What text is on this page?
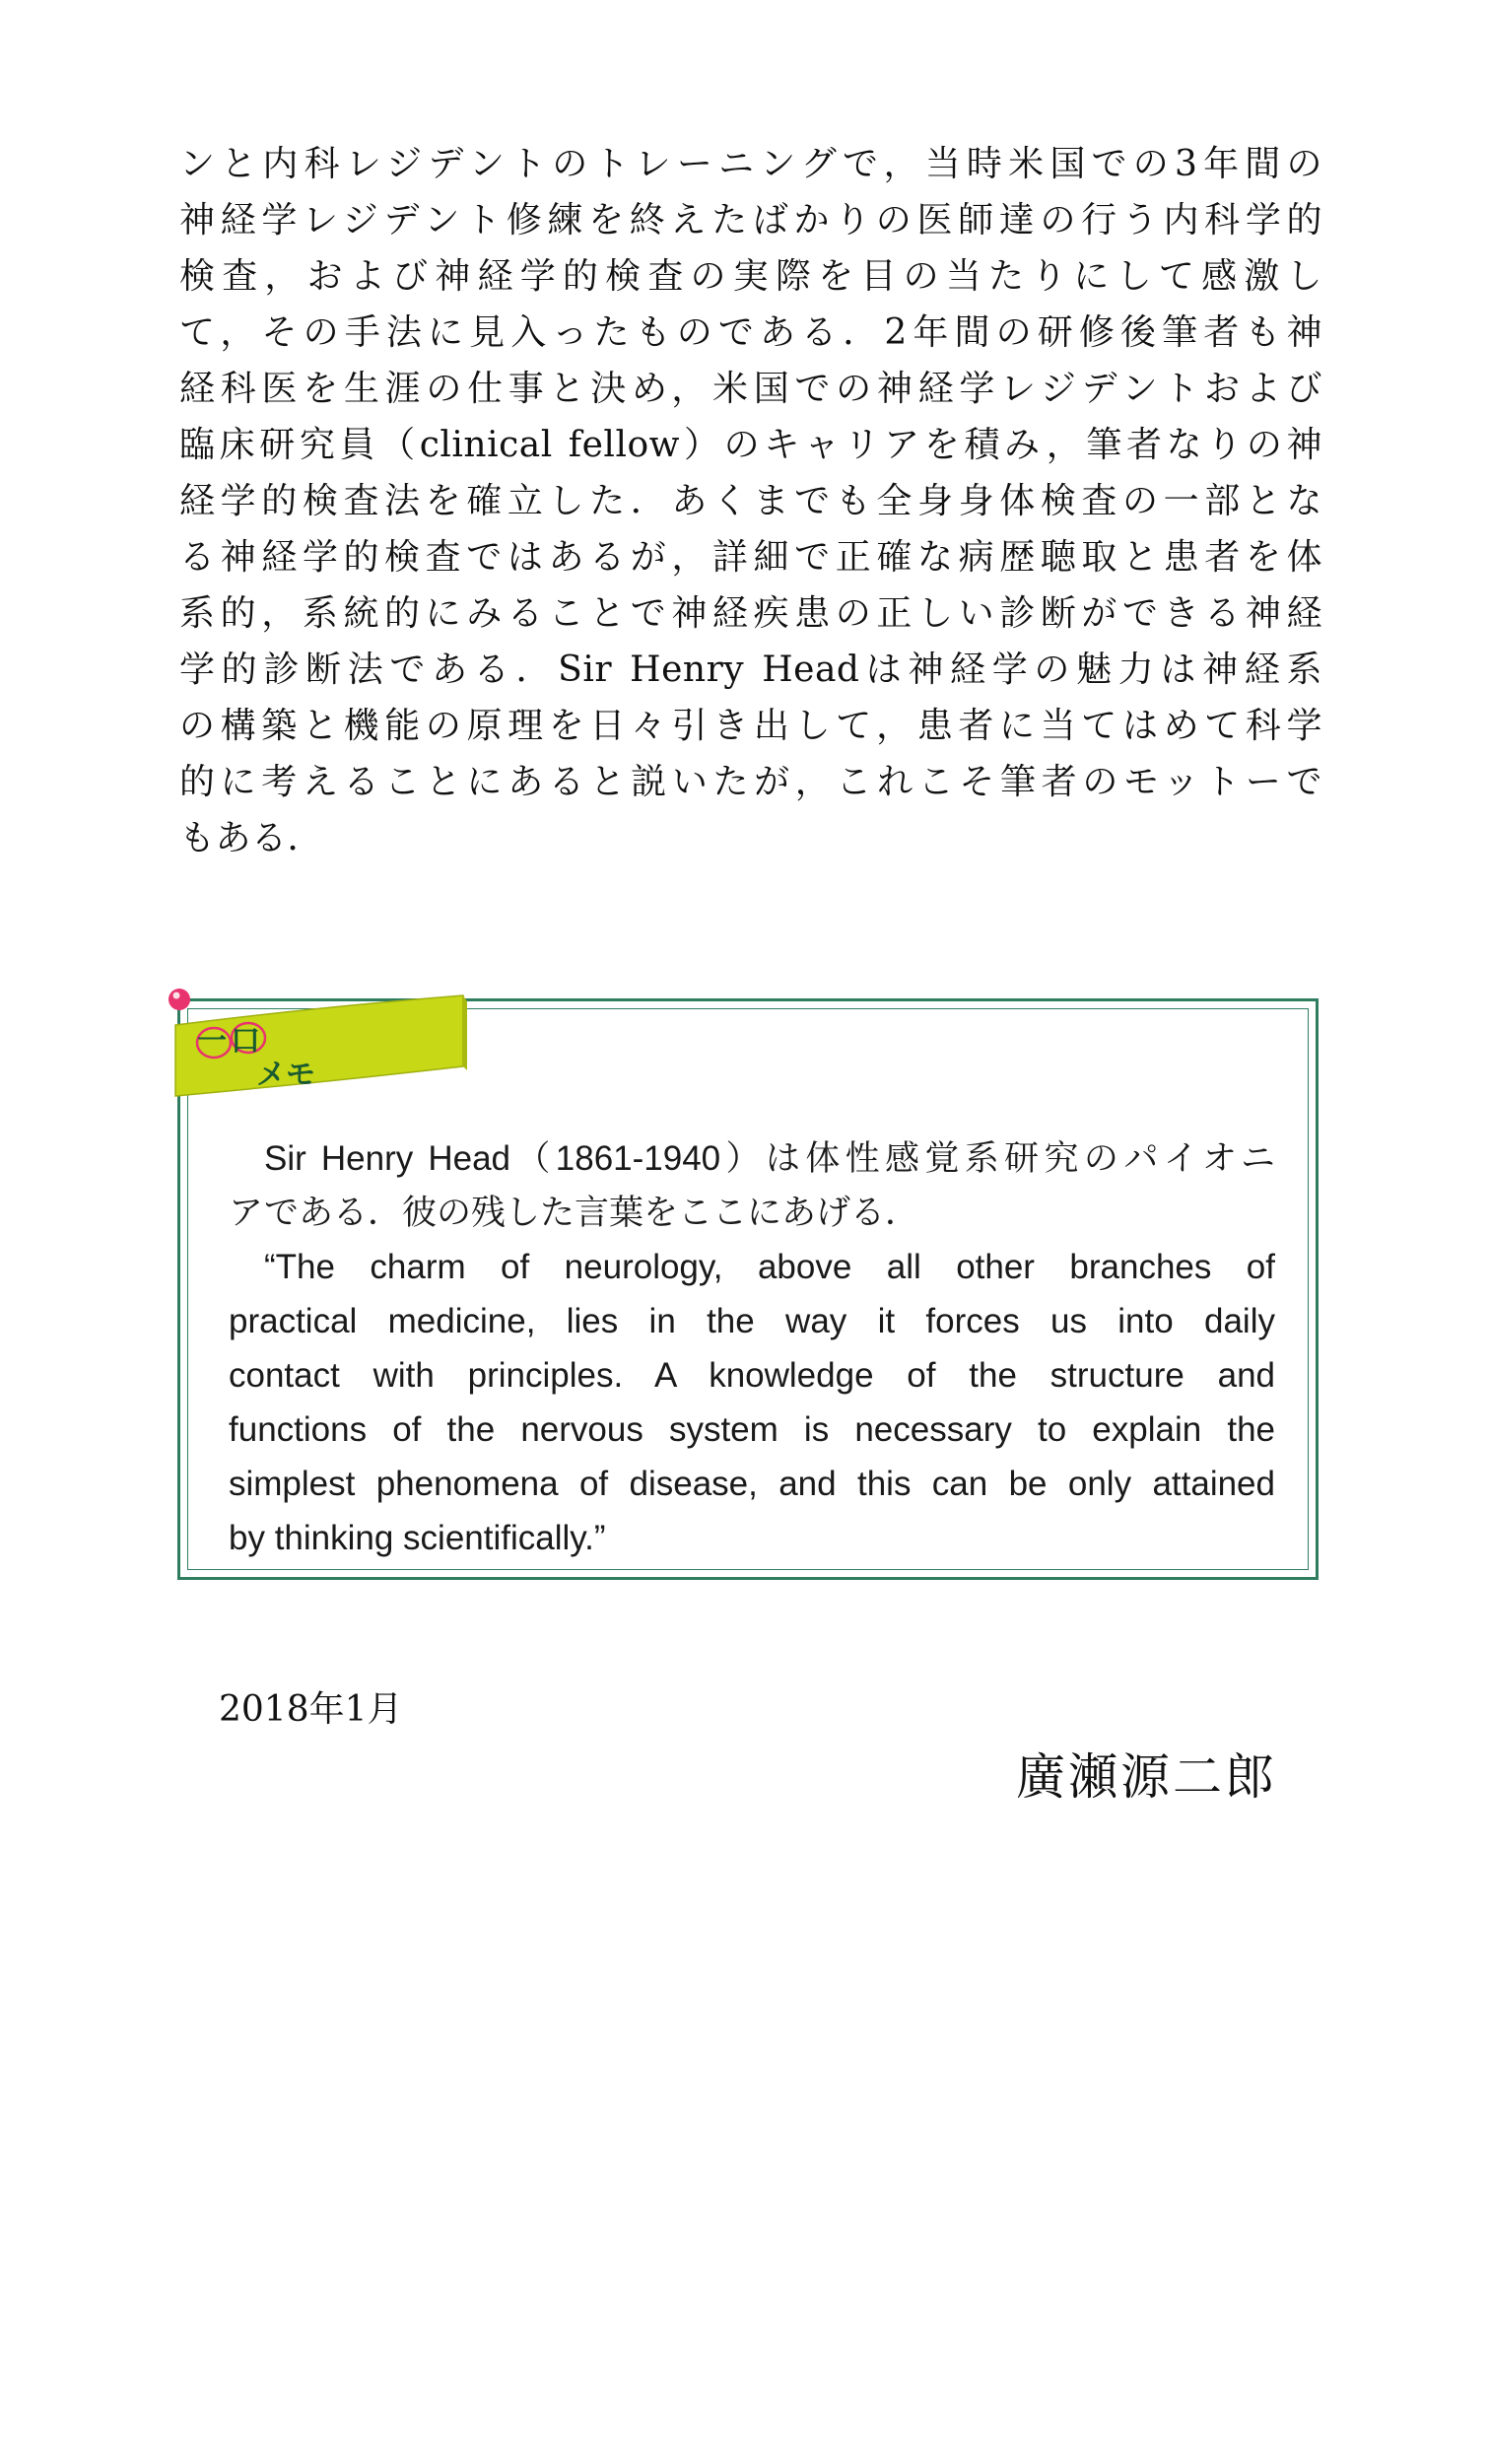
ンと内科レジデントのトレーニングで，当時米国での3年間の
神経学レジデント修練を終えたばかりの医師達の行う内科学的
検査，および神経学的検査の実際を目の当たりにして感激し
て，その手法に見入ったものである．2年間の研修後筆者も神
経科医を生涯の仕事と決め，米国での神経学レジデントおよび
臨床研究員（clinical fellow）のキャリアを積み，筆者なりの神
経学的検査法を確立した．あくまでも全身身体検査の一部とな
る神経学的検査ではあるが，詳細で正確な病歴聴取と患者を体
系的，系統的にみることで神経疾患の正しい診断ができる神経
学的診断法である．Sir Henry Headは神経学の魅力は神経系
の構築と機能の原理を日々引き出して，患者に当てはめて科学
的に考えることにあると説いたが，これこそ筆者のモットーで
もある．
一口
メモ

Sir Henry Head（1861-1940）は体性感覚系研究のパイオニ
アである．彼の残した言葉をここにあげる．

“The charm of neurology, above all other branches of
practical medicine, lies in the way it forces us into daily
contact with principles. A knowledge of the structure and
functions of the nervous system is necessary to explain the
simplest phenomena of disease, and this can be only attained
by thinking scientifically.”

2018年1月
廣瀬源二郎
